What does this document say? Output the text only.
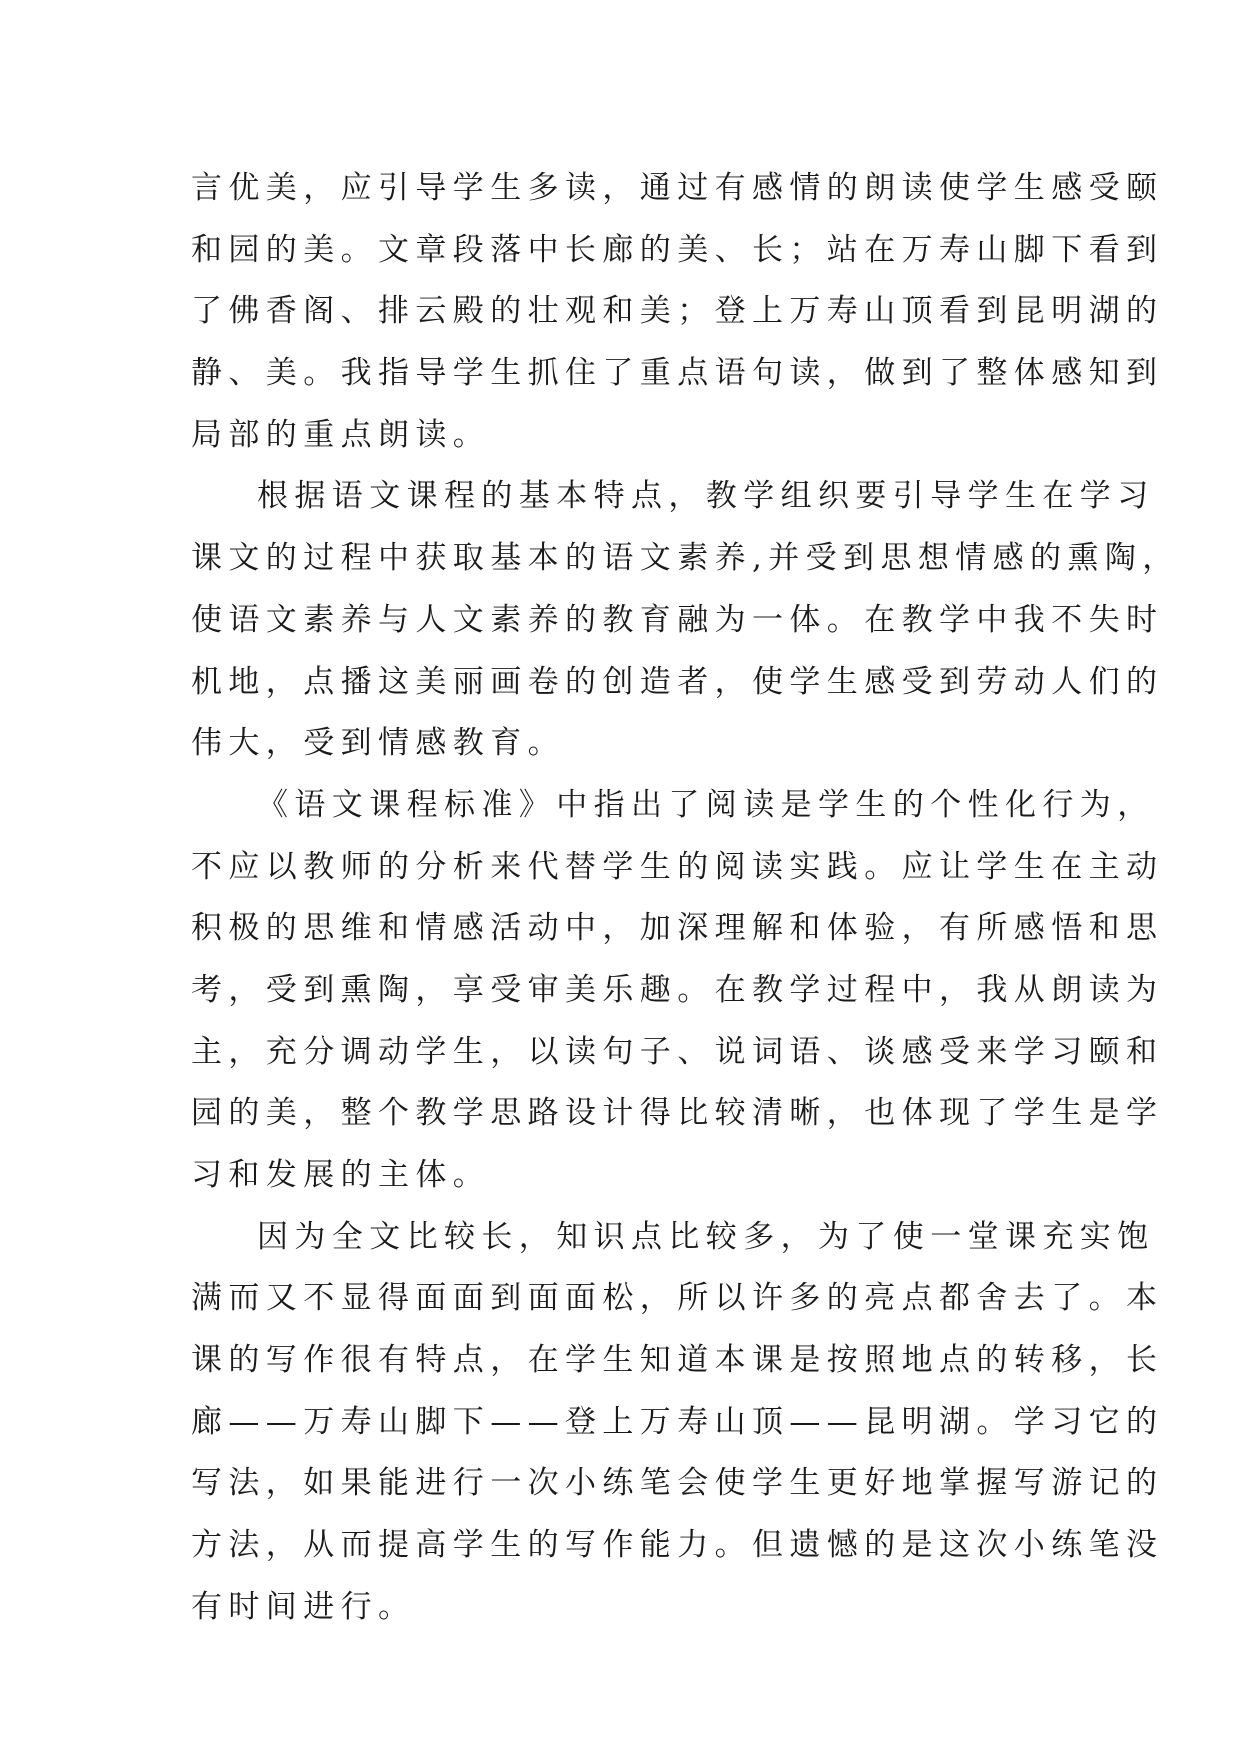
言优美，应引导学生多读，通过有感情的朗读使学生感受颐
和园的美。文章段落中长廊的美、长；站在万寿山脚下看到
了佛香阁、排云殿的壮观和美；登上万寿山顶看到昆明湖的
静、美。我指导学生抓住了重点语句读，做到了整体感知到
局部的重点朗读。
根据语文课程的基本特点，教学组织要引导学生在学习
课文的过程中获取基本的语文素养,并受到思想情感的熏陶，
使语文素养与人文素养的教育融为一体。在教学中我不失时
机地，点播这美丽画卷的创造者，使学生感受到劳动人们的
伟大，受到情感教育。
《语文课程标准》中指出了阅读是学生的个性化行为，
不应以教师的分析来代替学生的阅读实践。应让学生在主动
积极的思维和情感活动中，加深理解和体验，有所感悟和思
考，受到熏陶，享受审美乐趣。在教学过程中，我从朗读为
主，充分调动学生，以读句子、说词语、谈感受来学习颐和
园的美，整个教学思路设计得比较清晰，也体现了学生是学
习和发展的主体。
因为全文比较长，知识点比较多，为了使一堂课充实饱
满而又不显得面面到面面松，所以许多的亮点都舍去了。本
课的写作很有特点，在学生知道本课是按照地点的转移，长
廊——万寿山脚下——登上万寿山顶——昆明湖。学习它的
写法，如果能进行一次小练笔会使学生更好地掌握写游记的
方法，从而提高学生的写作能力。但遗憾的是这次小练笔没
有时间进行。
